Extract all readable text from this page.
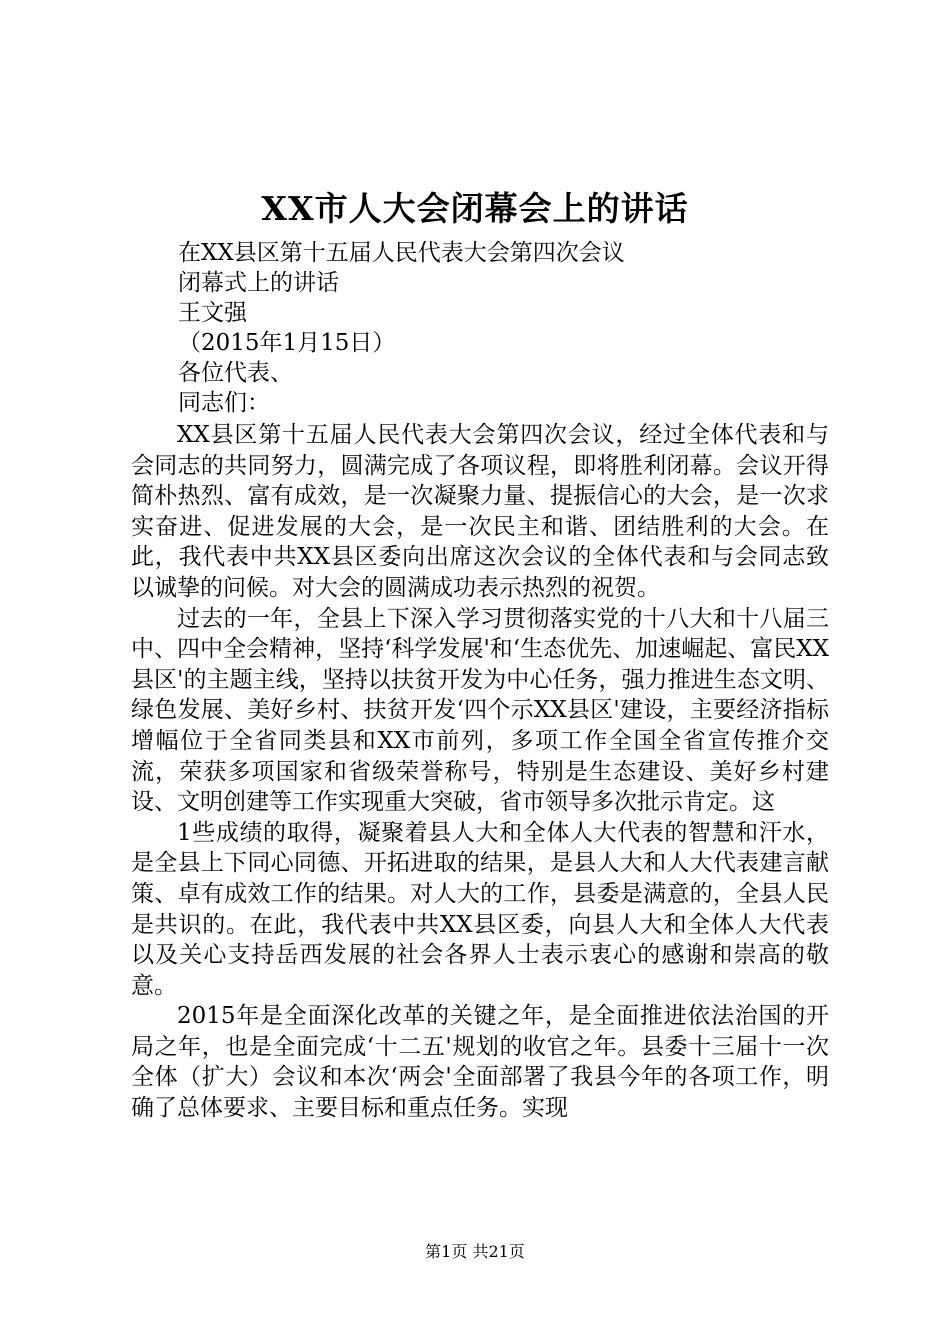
XX市人大会闭幕会上的讲话
在XX县区第十五届人民代表大会第四次会议
闭幕式上的讲话
王文强
（2015年1月15日）
各位代表、
同志们：

XX县区第十五届人民代表大会第四次会议，经过全体代表和与会同志的共同努力，圆满完成了各项议程，即将胜利闭幕。会议开得简朴热烈、富有成效，是一次凝聚力量、提振信心的大会，是一次求实奋进、促进发展的大会，是一次民主和谐、团结胜利的大会。在此，我代表中共XX县区委向出席这次会议的全体代表和与会同志致以诚挚的问候。对大会的圆满成功表示热烈的祝贺。

过去的一年，全县上下深入学习贯彻落实党的十八大和十八届三中、四中全会精神，坚持‘科学发展'和‘生态优先、加速崛起、富民XX县区'的主题主线，坚持以扶贫开发为中心任务，强力推进生态文明、绿色发展、美好乡村、扶贫开发‘四个示XX县区'建设，主要经济指标增幅位于全省同类县和XX市前列，多项工作全国全省宣传推介交流，荣获多项国家和省级荣誉称号，特别是生态建设、美好乡村建设、文明创建等工作实现重大突破，省市领导多次批示肯定。这

1些成绩的取得，凝聚着县人大和全体人大代表的智慧和汗水，是全县上下同心同德、开拓进取的结果，是县人大和人大代表建言献策、卓有成效工作的结果。对人大的工作，县委是满意的，全县人民是共识的。在此，我代表中共XX县区委，向县人大和全体人大代表以及关心支持岳西发展的社会各界人士表示衷心的感谢和崇高的敬意。

2015年是全面深化改革的关键之年，是全面推进依法治国的开局之年，也是全面完成‘十二五'规划的收官之年。县委十三届十一次全体（扩大）会议和本次‘两会'全面部署了我县今年的各项工作，明确了总体要求、主要目标和重点任务。实现

第1页 共21页
